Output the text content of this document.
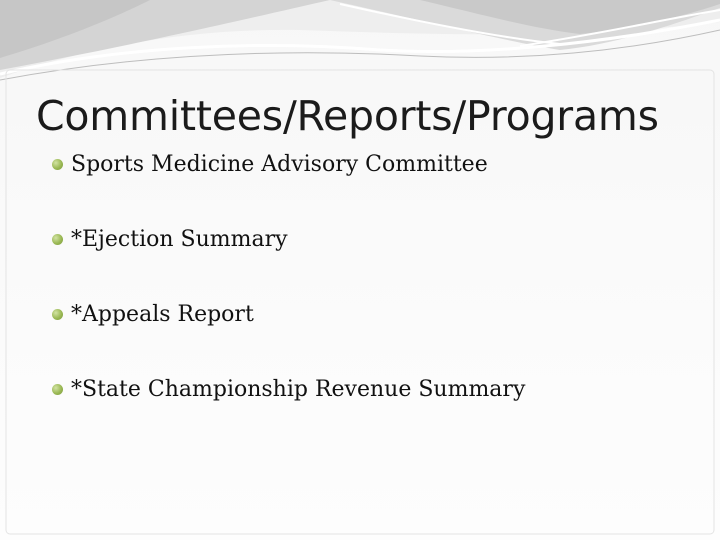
Committees/Reports/Programs
Sports Medicine Advisory Committee
*Ejection Summary
*Appeals Report
*State Championship Revenue Summary
